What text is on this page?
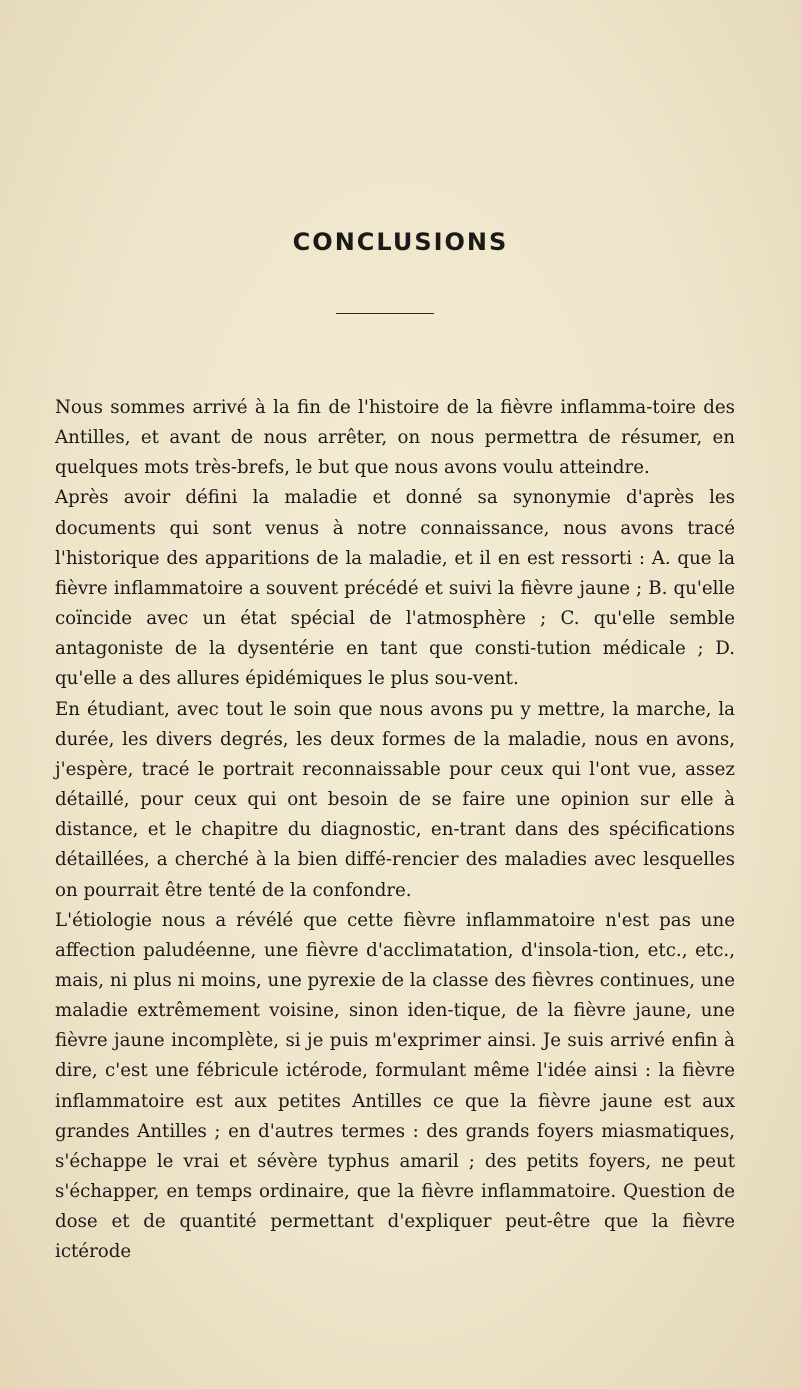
CONCLUSIONS

Nous sommes arrivé à la fin de l'histoire de la fièvre inflamma-toire des Antilles, et avant de nous arrêter, on nous permettra de résumer, en quelques mots très-brefs, le but que nous avons voulu atteindre.

Après avoir défini la maladie et donné sa synonymie d'après les documents qui sont venus à notre connaissance, nous avons tracé l'historique des apparitions de la maladie, et il en est ressorti : A. que la fièvre inflammatoire a souvent précédé et suivi la fièvre jaune ; B. qu'elle coïncide avec un état spécial de l'atmosphère ; C. qu'elle semble antagoniste de la dysentérie en tant que consti-tution médicale ; D. qu'elle a des allures épidémiques le plus sou-vent.

En étudiant, avec tout le soin que nous avons pu y mettre, la marche, la durée, les divers degrés, les deux formes de la maladie, nous en avons, j'espère, tracé le portrait reconnaissable pour ceux qui l'ont vue, assez détaillé, pour ceux qui ont besoin de se faire une opinion sur elle à distance, et le chapitre du diagnostic, en-trant dans des spécifications détaillées, a cherché à la bien diffé-rencier des maladies avec lesquelles on pourrait être tenté de la confondre.

L'étiologie nous a révélé que cette fièvre inflammatoire n'est pas une affection paludéenne, une fièvre d'acclimatation, d'insola-tion, etc., etc., mais, ni plus ni moins, une pyrexie de la classe des fièvres continues, une maladie extrêmement voisine, sinon iden-tique, de la fièvre jaune, une fièvre jaune incomplète, si je puis m'exprimer ainsi. Je suis arrivé enfin à dire, c'est une fébricule ictérode, formulant même l'idée ainsi : la fièvre inflammatoire est aux petites Antilles ce que la fièvre jaune est aux grandes Antilles ; en d'autres termes : des grands foyers miasmatiques, s'échappe le vrai et sévère typhus amaril ; des petits foyers, ne peut s'échapper, en temps ordinaire, que la fièvre inflammatoire. Question de dose et de quantité permettant d'expliquer peut-être que la fièvre ictérode
